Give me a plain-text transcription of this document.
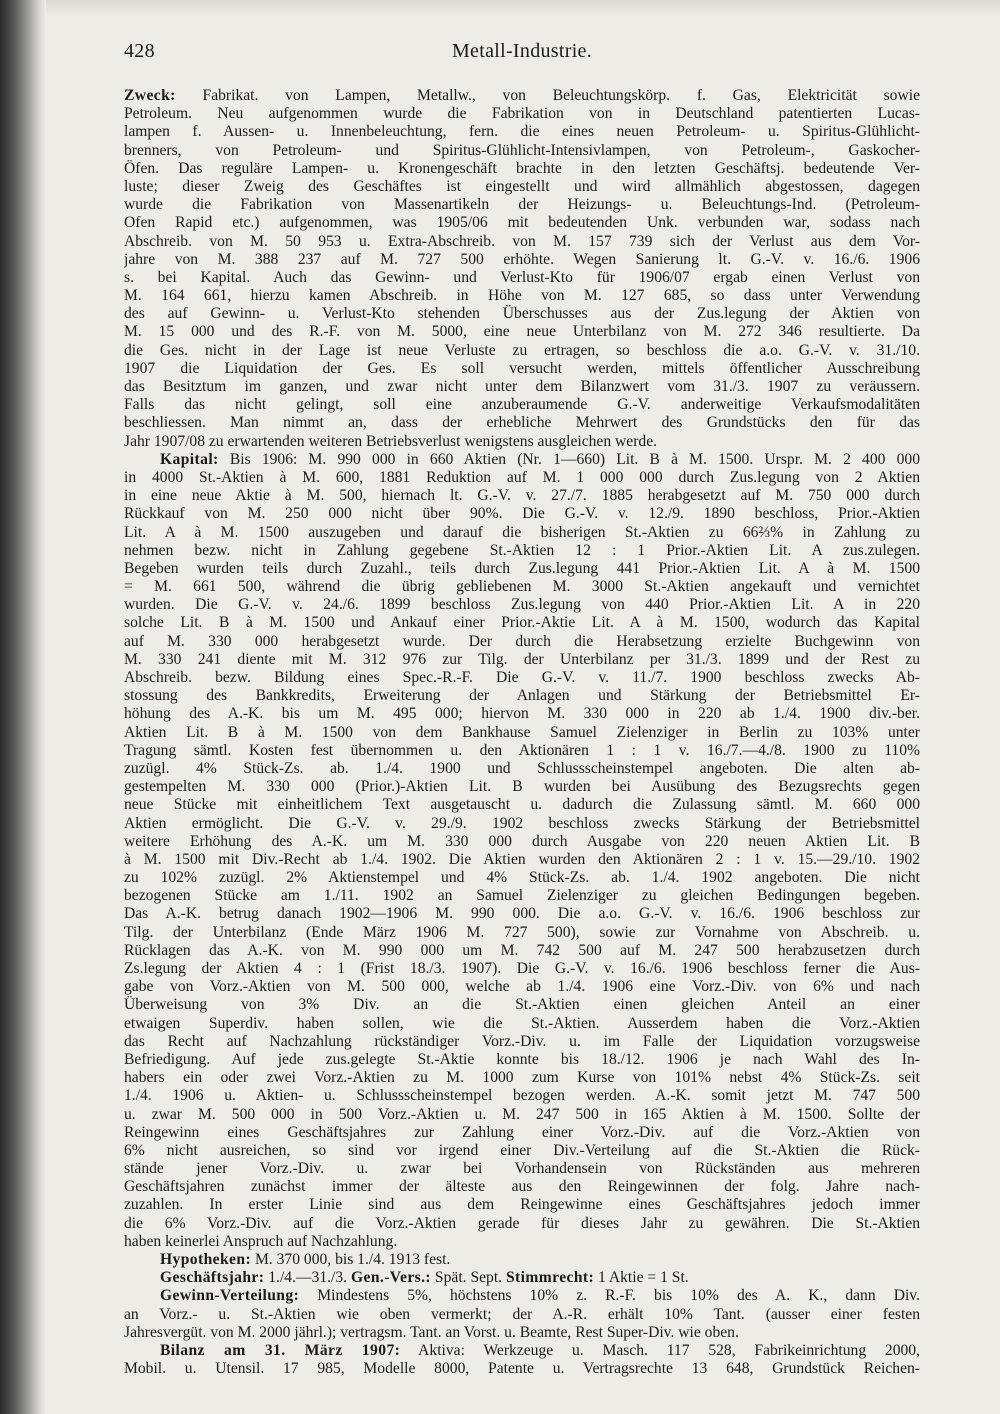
428	Metall-Industrie.
Zweck: Fabrikat. von Lampen, Metallw., von Beleuchtungskörp. f. Gas, Elektricität sowie
Petroleum. Neu aufgenommen wurde die Fabrikation von in Deutschland patentierten Lucas-
lampen f. Aussen- u. Innenbeleuchtung, fern. die eines neuen Petroleum- u. Spiritus-Glühlicht-
brenners, von Petroleum- und Spiritus-Glühlicht-Intensivlampen, von Petroleum-, Gaskocher-
Öfen. Das reguläre Lampen- u. Kronengeschäft brachte in den letzten Geschäftsj. bedeutende Ver-
luste; dieser Zweig des Geschäftes ist eingestellt und wird allmählich abgestossen, dagegen
wurde die Fabrikation von Massenartikeln der Heizungs- u. Beleuchtungs-Ind. (Petroleum-
Ofen Rapid etc.) aufgenommen, was 1905/06 mit bedeutenden Unk. verbunden war, sodass nach
Abschreib. von M. 50 953 u. Extra-Abschreib. von M. 157 739 sich der Verlust aus dem Vor-
jahre von M. 388 237 auf M. 727 500 erhöhte. Wegen Sanierung lt. G.-V. v. 16./6. 1906
s. bei Kapital. Auch das Gewinn- und Verlust-Kto für 1906/07 ergab einen Verlust von
M. 164 661, hierzu kamen Abschreib. in Höhe von M. 127 685, so dass unter Verwendung
des auf Gewinn- u. Verlust-Kto stehenden Überschusses aus der Zus.legung der Aktien von
M. 15 000 und des R.-F. von M. 5000, eine neue Unterbilanz von M. 272 346 resultierte. Da
die Ges. nicht in der Lage ist neue Verluste zu ertragen, so beschloss die a.o. G.-V. v. 31./10.
1907 die Liquidation der Ges. Es soll versucht werden, mittels öffentlicher Ausschreibung
das Besitztum im ganzen, und zwar nicht unter dem Bilanzwert vom 31./3. 1907 zu veräussern.
Falls das nicht gelingt, soll eine anzuberaumende G.-V. anderweitige Verkaufsmodalitäten
beschliessen. Man nimmt an, dass der erhebliche Mehrwert des Grundstücks den für das
Jahr 1907/08 zu erwartenden weiteren Betriebsverlust wenigstens ausgleichen werde.
Kapital: Bis 1906: M. 990 000 in 660 Aktien (Nr. 1—660) Lit. B à M. 1500. Urspr. M. 2 400 000
in 4000 St.-Aktien à M. 600, 1881 Reduktion auf M. 1 000 000 durch Zus.legung von 2 Aktien
in eine neue Aktie à M. 500, hiernach lt. G.-V. v. 27./7. 1885 herabgesetzt auf M. 750 000 durch
Rückkauf von M. 250 000 nicht über 90%. Die G.-V. v. 12./9. 1890 beschloss, Prior.-Aktien
Lit. A à M. 1500 auszugeben und darauf die bisherigen St.-Aktien zu 66⅔% in Zahlung zu
nehmen bezw. nicht in Zahlung gegebene St.-Aktien 12 : 1 Prior.-Aktien Lit. A zus.zulegen.
Begeben wurden teils durch Zuzahl., teils durch Zus.legung 441 Prior.-Aktien Lit. A à M. 1500
= M. 661 500, während die übrig gebliebenen M. 3000 St.-Aktien angekauft und vernichtet
wurden. Die G.-V. v. 24./6. 1899 beschloss Zus.legung von 440 Prior.-Aktien Lit. A in 220
solche Lit. B à M. 1500 und Ankauf einer Prior.-Aktie Lit. A à M. 1500, wodurch das Kapital
auf M. 330 000 herabgesetzt wurde. Der durch die Herabsetzung erzielte Buchgewinn von
M. 330 241 diente mit M. 312 976 zur Tilg. der Unterbilanz per 31./3. 1899 und der Rest zu
Abschreib. bezw. Bildung eines Spec.-R.-F. Die G.-V. v. 11./7. 1900 beschloss zwecks Ab-
stossung des Bankkredits, Erweiterung der Anlagen und Stärkung der Betriebsmittel Er-
höhung des A.-K. bis um M. 495 000; hiervon M. 330 000 in 220 ab 1./4. 1900 div.-ber.
Aktien Lit. B à M. 1500 von dem Bankhause Samuel Zielenziger in Berlin zu 103% unter
Tragung sämtl. Kosten fest übernommen u. den Aktionären 1 : 1 v. 16./7.—4./8. 1900 zu 110%
zuzügl. 4% Stück-Zs. ab. 1./4. 1900 und Schlussscheinstempel angeboten. Die alten ab-
gestempelten M. 330 000 (Prior.)-Aktien Lit. B wurden bei Ausübung des Bezugsrechts gegen
neue Stücke mit einheitlichem Text ausgetauscht u. dadurch die Zulassung sämtl. M. 660 000
Aktien ermöglicht. Die G.-V. v. 29./9. 1902 beschloss zwecks Stärkung der Betriebsmittel
weitere Erhöhung des A.-K. um M. 330 000 durch Ausgabe von 220 neuen Aktien Lit. B
à M. 1500 mit Div.-Recht ab 1./4. 1902. Die Aktien wurden den Aktionären 2 : 1 v. 15.—29./10. 1902
zu 102% zuzügl. 2% Aktienstempel und 4% Stück-Zs. ab. 1./4. 1902 angeboten. Die nicht
bezogenen Stücke am 1./11. 1902 an Samuel Zielenziger zu gleichen Bedingungen begeben.
Das A.-K. betrug danach 1902—1906 M. 990 000. Die a.o. G.-V. v. 16./6. 1906 beschloss zur
Tilg. der Unterbilanz (Ende März 1906 M. 727 500), sowie zur Vornahme von Abschreib. u.
Rücklagen das A.-K. von M. 990 000 um M. 742 500 auf M. 247 500 herabzusetzen durch
Zs.legung der Aktien 4 : 1 (Frist 18./3. 1907). Die G.-V. v. 16./6. 1906 beschloss ferner die Aus-
gabe von Vorz.-Aktien von M. 500 000, welche ab 1./4. 1906 eine Vorz.-Div. von 6% und nach
Überweisung von 3% Div. an die St.-Aktien einen gleichen Anteil an einer
etwaigen Superdiv. haben sollen, wie die St.-Aktien. Ausserdem haben die Vorz.-Aktien
das Recht auf Nachzahlung rückständiger Vorz.-Div. u. im Falle der Liquidation vorzugsweise
Befriedigung. Auf jede zus.gelegte St.-Aktie konnte bis 18./12. 1906 je nach Wahl des In-
habers ein oder zwei Vorz.-Aktien zu M. 1000 zum Kurse von 101% nebst 4% Stück-Zs. seit
1./4. 1906 u. Aktien- u. Schlussscheinstempel bezogen werden. A.-K. somit jetzt M. 747 500
u. zwar M. 500 000 in 500 Vorz.-Aktien u. M. 247 500 in 165 Aktien à M. 1500. Sollte der
Reingewinn eines Geschäftsjahres zur Zahlung einer Vorz.-Div. auf die Vorz.-Aktien von
6% nicht ausreichen, so sind vor irgend einer Div.-Verteilung auf die St.-Aktien die Rück-
stände jener Vorz.-Div. u. zwar bei Vorhandensein von Rückständen aus mehreren
Geschäftsjahren zunächst immer der älteste aus den Reingewinnen der folg. Jahre nach-
zuzahlen. In erster Linie sind aus dem Reingewinne eines Geschäftsjahres jedoch immer
die 6% Vorz.-Div. auf die Vorz.-Aktien gerade für dieses Jahr zu gewähren. Die St.-Aktien
haben keinerlei Anspruch auf Nachzahlung.
Hypotheken: M. 370 000, bis 1./4. 1913 fest.
Geschäftsjahr: 1./4.—31./3. Gen.-Vers.: Spät. Sept. Stimmrecht: 1 Aktie = 1 St.
Gewinn-Verteilung: Mindestens 5%, höchstens 10% z. R.-F. bis 10% des A. K., dann Div.
an Vorz.- u. St.-Aktien wie oben vermerkt; der A.-R. erhält 10% Tant. (ausser einer festen
Jahresvergüt. von M. 2000 jährl.); vertragsm. Tant. an Vorst. u. Beamte, Rest Super-Div. wie oben.
Bilanz am 31. März 1907: Aktiva: Werkzeuge u. Masch. 117 528, Fabrikeinrichtung 2000,
Mobil. u. Utensil. 17 985, Modelle 8000, Patente u. Vertragsrechte 13 648, Grundstück Reichen-
